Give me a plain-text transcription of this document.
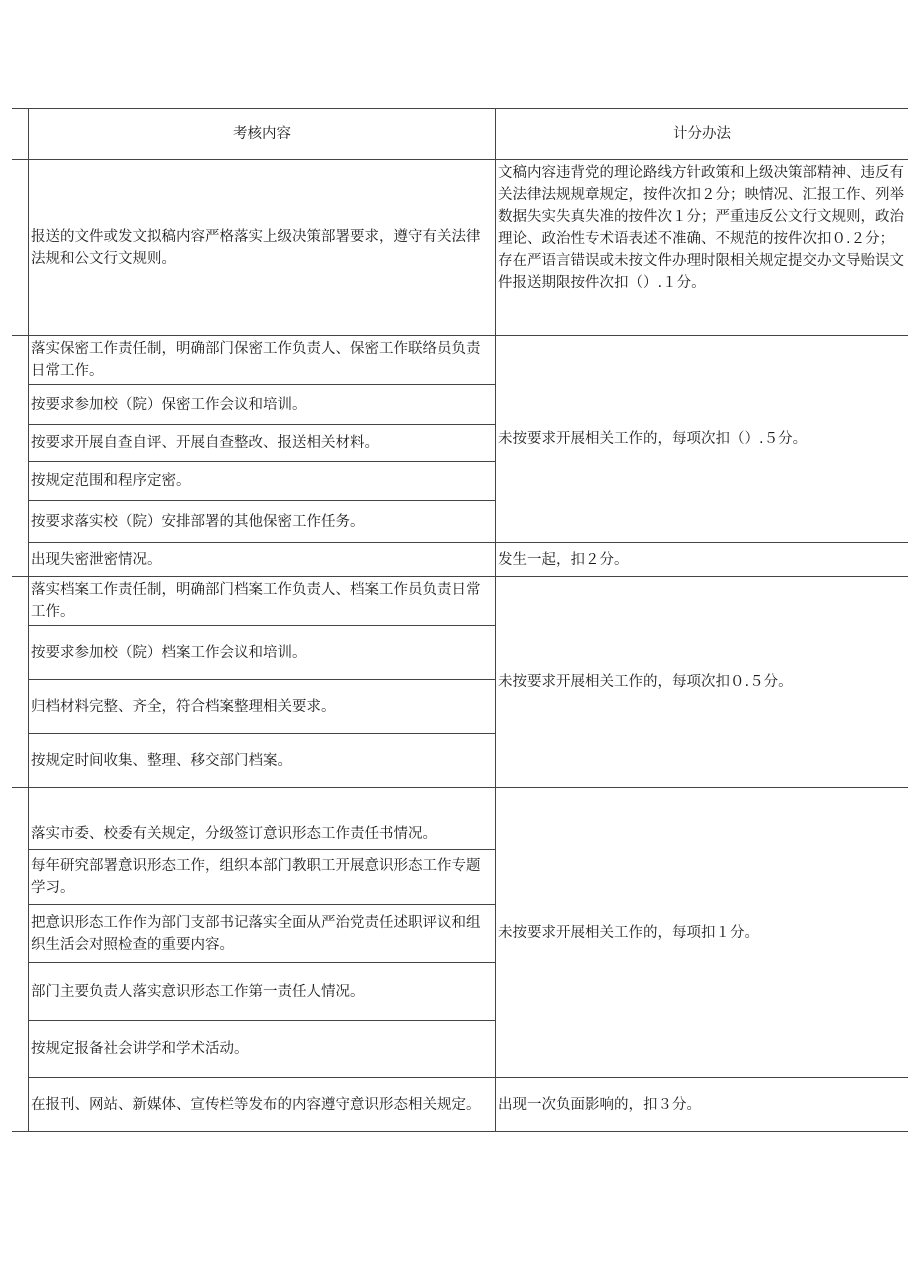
考核内容	计分办法
报送的文件或发文拟稿内容严格落实上级决策部署要求，遵守有关法律法规和公文行文规则。
文稿内容违背党的理论路线方针政策和上级决策部精神、违反有关法律法规规章规定，按件次扣２分；映情况、汇报工作、列举数据失实失真失准的按件次１分；严重违反公文行文规则，政治理论、政治性专术语表述不准确、不规范的按件次扣０.２分；存在严语言错误或未按文件办理时限相关规定提交办文导贻误文件报送期限按件次扣（）.１分。
落实保密工作责任制，明确部门保密工作负责人、保密工作联络员负责日常工作。
按要求参加校（院）保密工作会议和培训。
按要求开展自查自评、开展自查整改、报送相关材料。
按规定范围和程序定密。
按要求落实校（院）安排部署的其他保密工作任务。
未按要求开展相关工作的，每项次扣（）.５分。
出现失密泄密情况。	发生一起，扣２分。
落实档案工作责任制，明确部门档案工作负责人、档案工作员负责日常工作。
按要求参加校（院）档案工作会议和培训。
归档材料完整、齐全，符合档案整理相关要求。
按规定时间收集、整理、移交部门档案。
未按要求开展相关工作的，每项次扣０.５分。
落实市委、校委有关规定，分级签订意识形态工作责任书情况。
每年研究部署意识形态工作，组织本部门教职工开展意识形态工作专题学习。
把意识形态工作作为部门支部书记落实全面从严治党责任述职评议和组织生活会对照检查的重要内容。
部门主要负责人落实意识形态工作第一责任人情况。
按规定报备社会讲学和学术活动。
未按要求开展相关工作的，每项扣１分。
在报刊、网站、新媒体、宣传栏等发布的内容遵守意识形态相关规定。 出现一次负面影响的，扣３分。
